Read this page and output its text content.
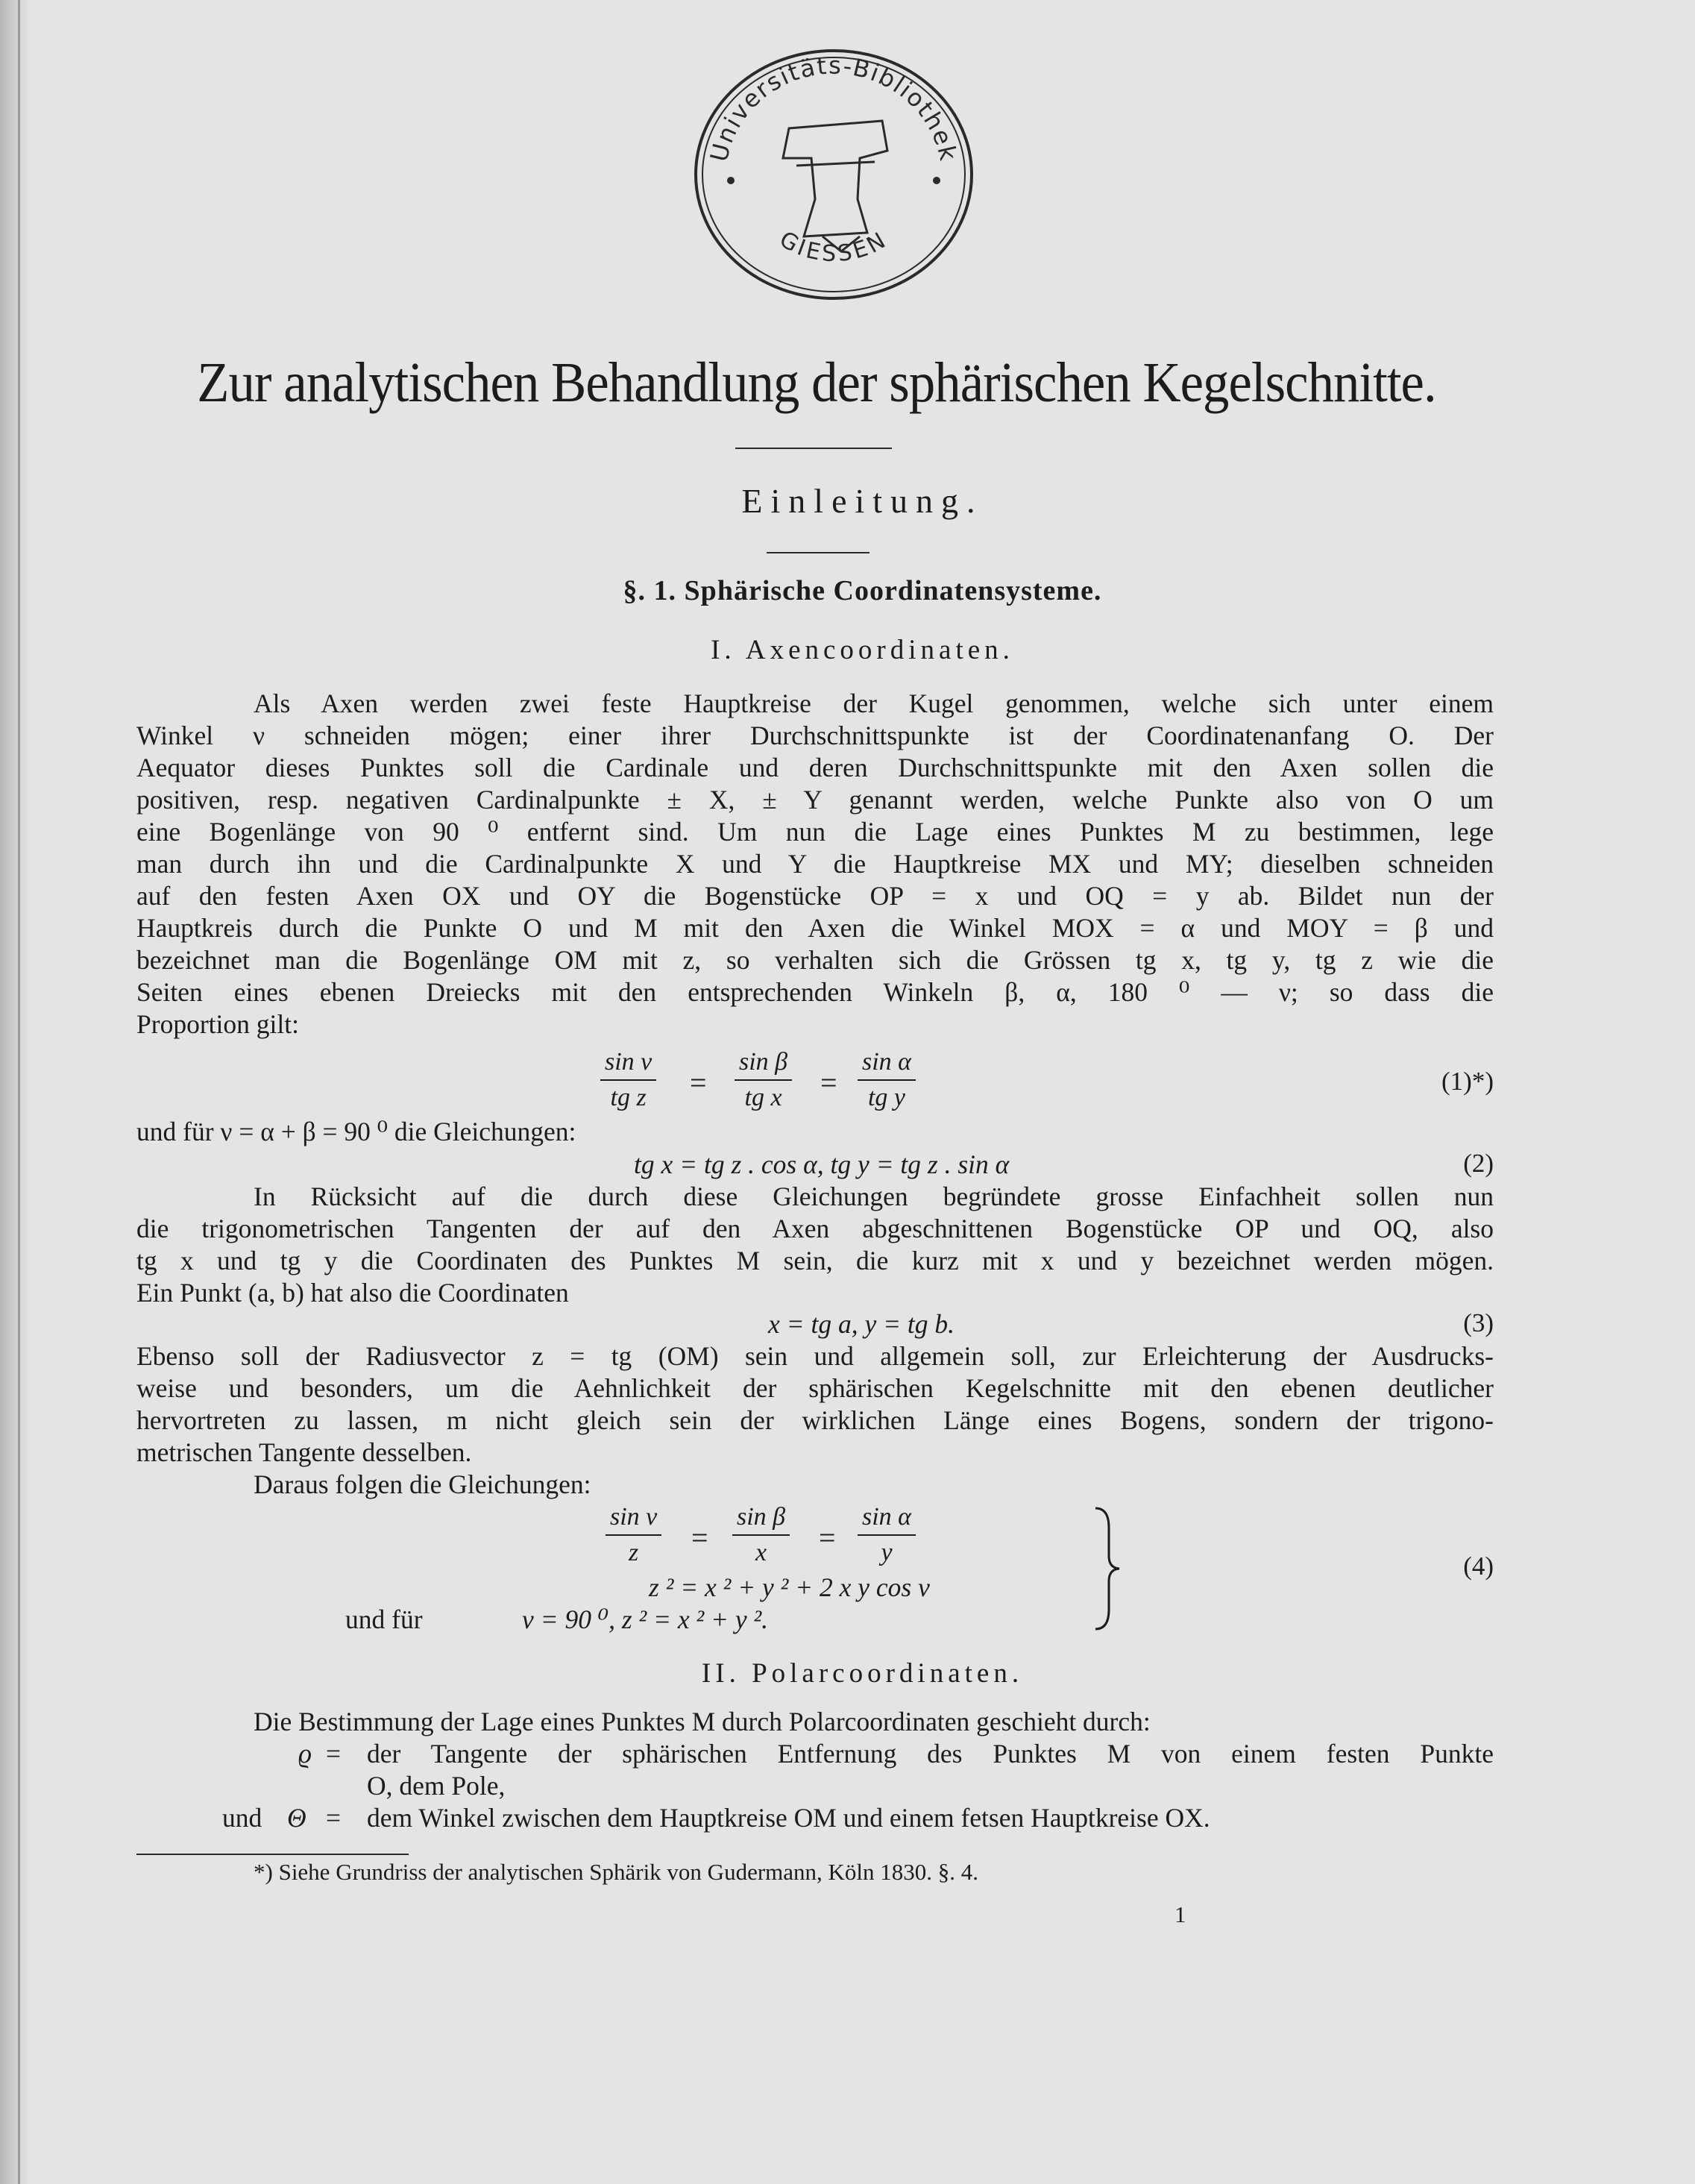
Universitäts-Bibliothek
GIESSEN
Zur analytischen Behandlung der sphärischen Kegelschnitte.
Einleitung.
§. 1. Sphärische Coordinatensysteme.
I. Axencoordinaten.
Als Axen werden zwei feste Hauptkreise der Kugel genommen, welche sich unter einem
Winkel ν schneiden mögen; einer ihrer Durchschnittspunkte ist der Coordinatenanfang O. Der
Aequator dieses Punktes soll die Cardinale und deren Durchschnittspunkte mit den Axen sollen die
positiven, resp. negativen Cardinalpunkte ± X, ± Y genannt werden, welche Punkte also von O um
eine Bogenlänge von 90 ⁰ entfernt sind. Um nun die Lage eines Punktes M zu bestimmen, lege
man durch ihn und die Cardinalpunkte X und Y die Hauptkreise MX und MY; dieselben schneiden
auf den festen Axen OX und OY die Bogenstücke OP = x und OQ = y ab. Bildet nun der
Hauptkreis durch die Punkte O und M mit den Axen die Winkel MOX = α und MOY = β und
bezeichnet man die Bogenlänge OM mit z, so verhalten sich die Grössen tg x, tg y, tg z wie die
Seiten eines ebenen Dreiecks mit den entsprechenden Winkeln β, α, 180 ⁰ — ν; so dass die
Proportion gilt:
$\frac{\text{sin ν}}{\text{tg z}} = \frac{\text{sin β}}{\text{tg x}} = \frac{\text{sin α}}{\text{tg y}}$	(1)*)
und für ν = α + β = 90 ⁰ die Gleichungen:
tg x = tg z . cos α, tg y = tg z . sin α	(2)
In Rücksicht auf die durch diese Gleichungen begründete grosse Einfachheit sollen nun
die trigonometrischen Tangenten der auf den Axen abgeschnittenen Bogenstücke OP und OQ, also
tg x und tg y die Coordinaten des Punktes M sein, die kurz mit x und y bezeichnet werden mögen.
Ein Punkt (a, b) hat also die Coordinaten
x = tg a, y = tg b.	(3)
Ebenso soll der Radiusvector z = tg (OM) sein und allgemein soll, zur Erleichterung der Ausdrucks-
weise und besonders, um die Aehnlichkeit der sphärischen Kegelschnitte mit den ebenen deutlicher
hervortreten zu lassen, m nicht gleich sein der wirklichen Länge eines Bogens, sondern der trigono-
metrischen Tangente desselben.
Daraus folgen die Gleichungen:
$\frac{\text{sin ν}}{z} = \frac{\text{sin β}}{x} = \frac{\text{sin α}}{y}$
z ² = x ² + y ² + 2 x y cos ν
und für	ν = 90 ⁰, z ² = x ² + y ².
(4)
II. Polarcoordinaten.
Die Bestimmung der Lage eines Punktes M durch Polarcoordinaten geschieht durch:
ϱ = der Tangente der sphärischen Entfernung des Punktes M von einem festen Punkte
O, dem Pole,
und Θ = dem Winkel zwischen dem Hauptkreise OM und einem fetsen Hauptkreise OX.
*) Siehe Grundriss der analytischen Sphärik von Gudermann, Köln 1830. §. 4.
1
